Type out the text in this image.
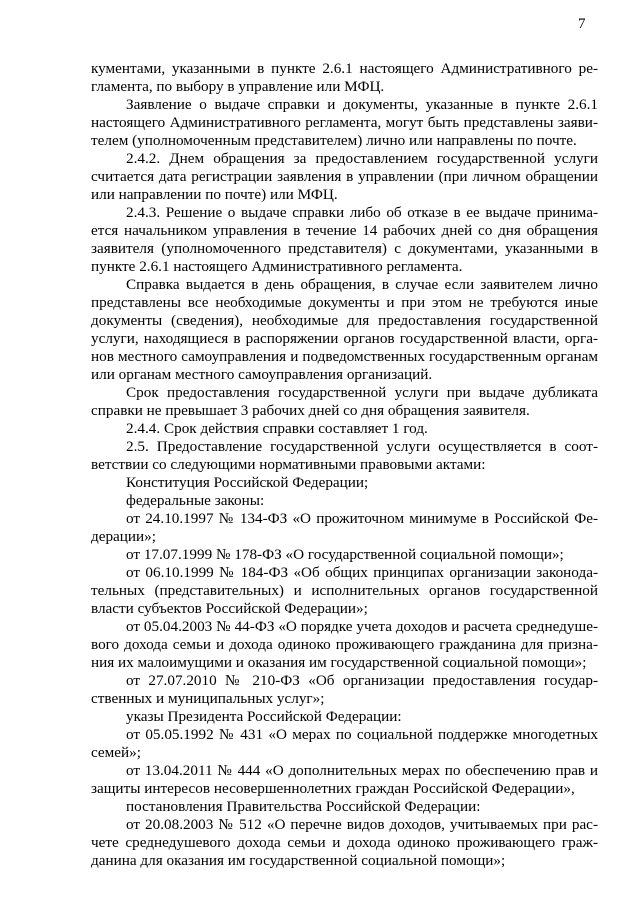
7

кументами, указанными в пункте 2.6.1 настоящего Административного регламента, по выбору в управление или МФЦ.

Заявление о выдаче справки и документы, указанные в пункте 2.6.1 настоящего Административного регламента, могут быть представлены заявителем (уполномоченным представителем) лично или направлены по почте.

2.4.2. Днем обращения за предоставлением государственной услуги считается дата регистрации заявления в управлении (при личном обращении или направлении по почте) или МФЦ.

2.4.3. Решение о выдаче справки либо об отказе в ее выдаче принимается начальником управления в течение 14 рабочих дней со дня обращения заявителя (уполномоченного представителя) с документами, указанными в пункте 2.6.1 настоящего Административного регламента.

Справка выдается в день обращения, в случае если заявителем лично представлены все необходимые документы и при этом не требуются иные документы (сведения), необходимые для предоставления государственной услуги, находящиеся в распоряжении органов государственной власти, органов местного самоуправления и подведомственных государственным органам или органам местного самоуправления организаций.

Срок предоставления государственной услуги при выдаче дубликата справки не превышает 3 рабочих дней со дня обращения заявителя.

2.4.4. Срок действия справки составляет 1 год.

2.5. Предоставление государственной услуги осуществляется в соответствии со следующими нормативными правовыми актами:

Конституция Российской Федерации;

федеральные законы:

от 24.10.1997 № 134-ФЗ «О прожиточном минимуме в Российской Федерации»;

от 17.07.1999 № 178-ФЗ «О государственной социальной помощи»;

от 06.10.1999 № 184-ФЗ «Об общих принципах организации законодательных (представительных) и исполнительных органов государственной власти субъектов Российской Федерации»;

от 05.04.2003 № 44-ФЗ «О порядке учета доходов и расчета среднедушевого дохода семьи и дохода одиноко проживающего гражданина для признания их малоимущими и оказания им государственной социальной помощи»;

от 27.07.2010 № 210-ФЗ «Об организации предоставления государственных и муниципальных услуг»;

указы Президента Российской Федерации:

от 05.05.1992 № 431 «О мерах по социальной поддержке многодетных семей»;

от 13.04.2011 № 444 «О дополнительных мерах по обеспечению прав и защиты интересов несовершеннолетних граждан Российской Федерации»,

постановления Правительства Российской Федерации:

от 20.08.2003 № 512 «О перечне видов доходов, учитываемых при расчете среднедушевого дохода семьи и дохода одиноко проживающего гражданина для оказания им государственной социальной помощи»;
